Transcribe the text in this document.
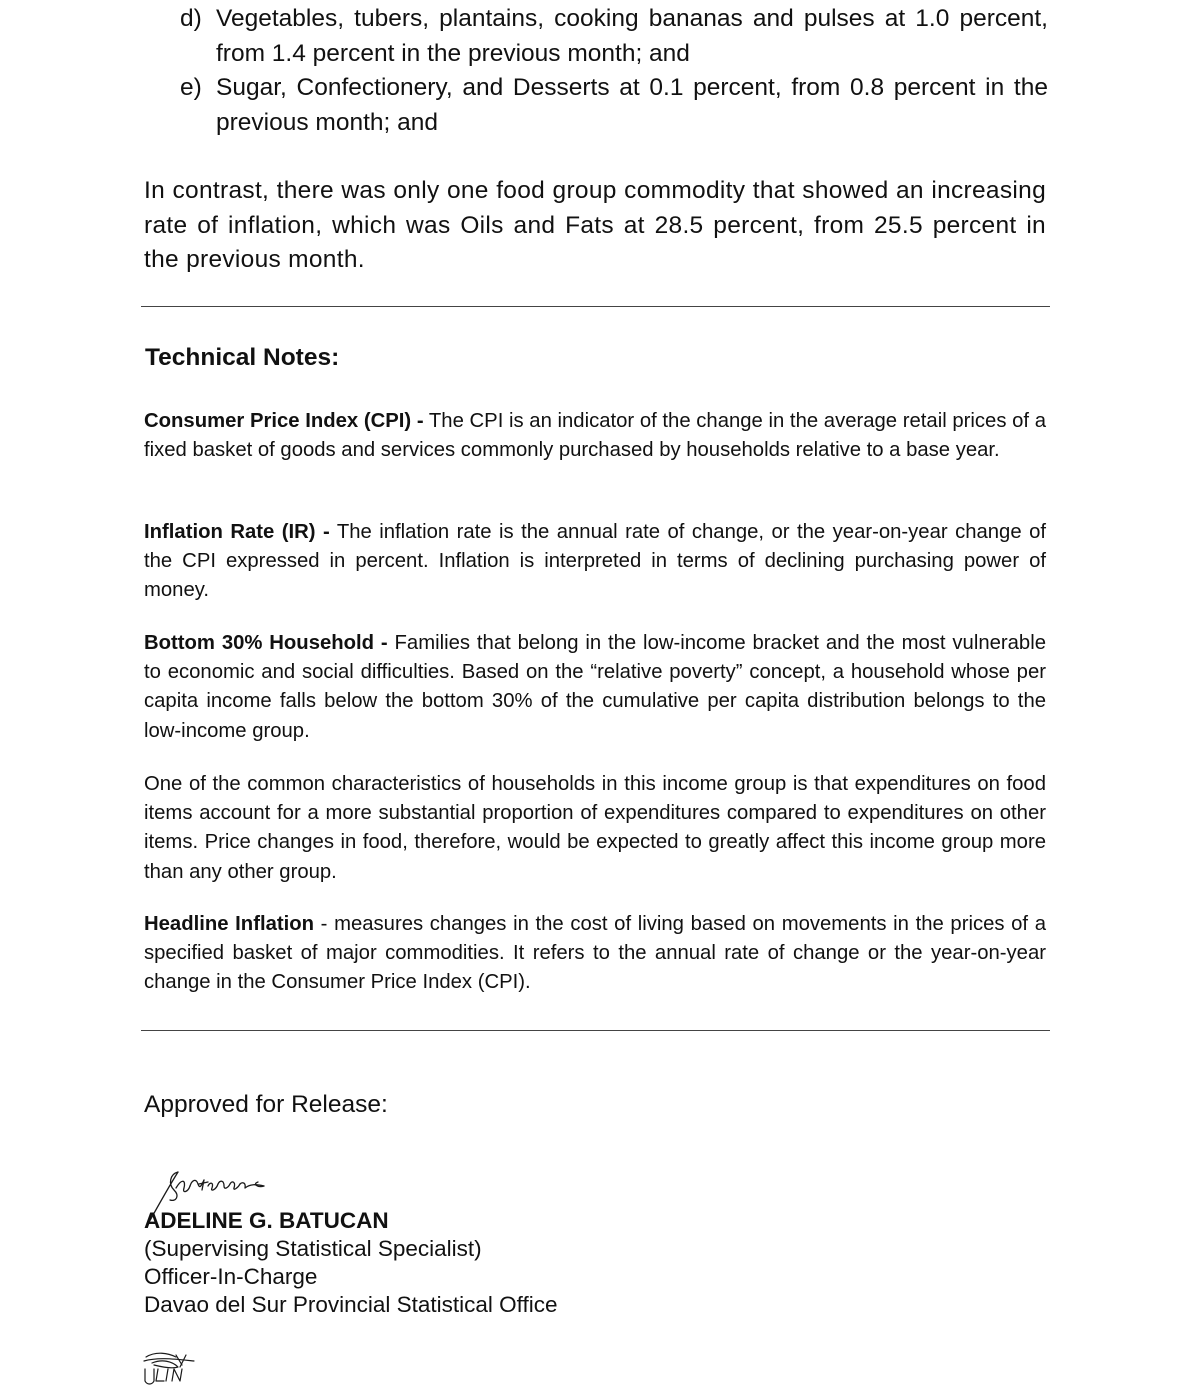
d) Vegetables, tubers, plantains, cooking bananas and pulses at 1.0 percent, from 1.4 percent in the previous month; and
e) Sugar, Confectionery, and Desserts at 0.1 percent, from 0.8 percent in the previous month; and

In contrast, there was only one food group commodity that showed an increasing rate of inflation, which was Oils and Fats at 28.5 percent, from 25.5 percent in the previous month.

Technical Notes:

Consumer Price Index (CPI) - The CPI is an indicator of the change in the average retail prices of a fixed basket of goods and services commonly purchased by households relative to a base year.

Inflation Rate (IR) - The inflation rate is the annual rate of change, or the year-on-year change of the CPI expressed in percent. Inflation is interpreted in terms of declining purchasing power of money.

Bottom 30% Household - Families that belong in the low-income bracket and the most vulnerable to economic and social difficulties. Based on the “relative poverty” concept, a household whose per capita income falls below the bottom 30% of the cumulative per capita distribution belongs to the low-income group.

One of the common characteristics of households in this income group is that expenditures on food items account for a more substantial proportion of expenditures compared to expenditures on other items. Price changes in food, therefore, would be expected to greatly affect this income group more than any other group.

Headline Inflation - measures changes in the cost of living based on movements in the prices of a specified basket of major commodities. It refers to the annual rate of change or the year-on-year change in the Consumer Price Index (CPI).

Approved for Release:
ADELINE G. BATUCAN
(Supervising Statistical Specialist)
Officer-In-Charge
Davao del Sur Provincial Statistical Office
